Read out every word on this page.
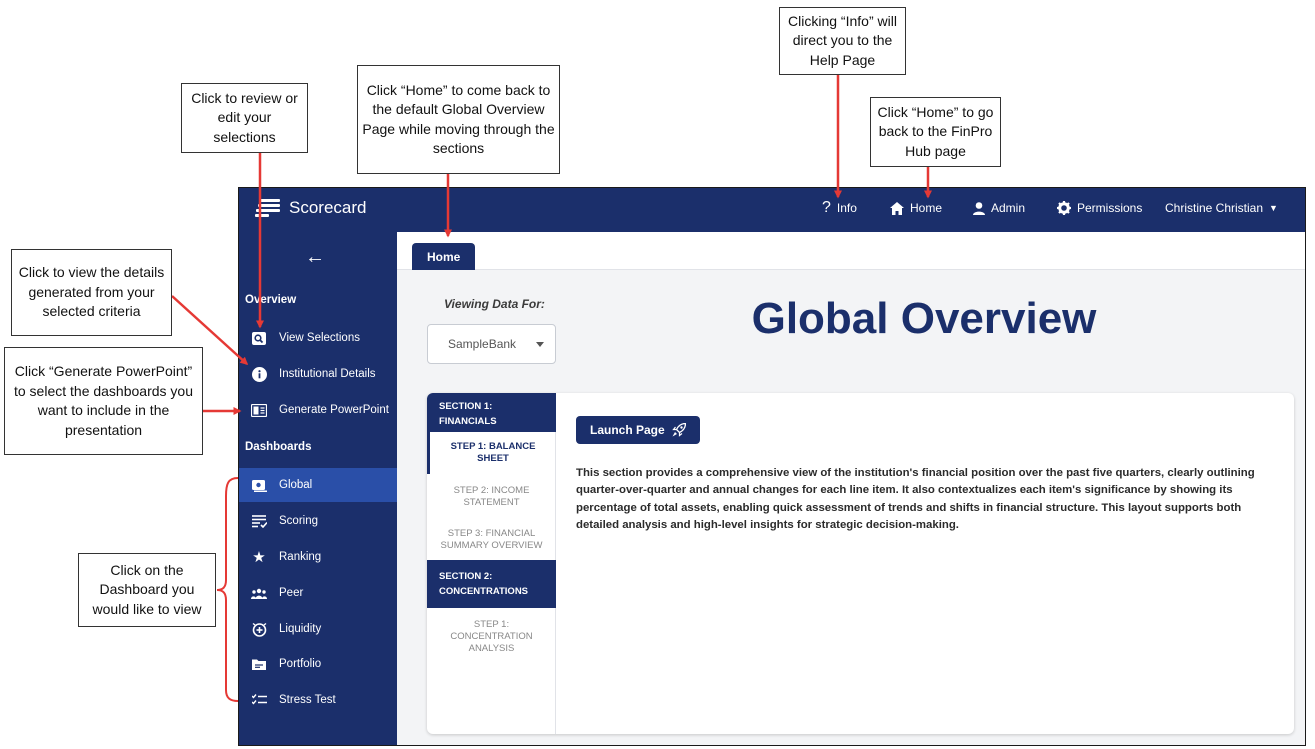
Scorecard	? Info	Home	Admin	Permissions Christine Christian ▼
←
Overview
View Selections
Institutional Details
Generate PowerPoint
Dashboards
Global
Scoring
★ Ranking
Peer
Liquidity
Portfolio
Stress Test
Home
Viewing Data For:
SampleBank
Global Overview
SECTION 1: FINANCIALS
STEP 1: BALANCE SHEET
STEP 2: INCOME STATEMENT
STEP 3: FINANCIAL SUMMARY OVERVIEW
SECTION 2: CONCENTRATIONS
STEP 1: CONCENTRATION ANALYSIS
Launch Page
This section provides a comprehensive view of the institution's financial position over the past five quarters, clearly outlining quarter-over-quarter and annual changes for each line item. It also contextualizes each item's significance by showing its percentage of total assets, enabling quick assessment of trends and shifts in financial structure. This layout supports both detailed analysis and high-level insights for strategic decision-making.
Clicking “Info” will direct you to the Help Page
Click “Home” to go back to the FinPro Hub page
Click “Home” to come back to the default Global Overview Page while moving through the sections
Click to review or edit your selections
Click to view the details generated from your selected criteria
Click “Generate PowerPoint” to select the dashboards you want to include in the presentation
Click on the Dashboard you would like to view
